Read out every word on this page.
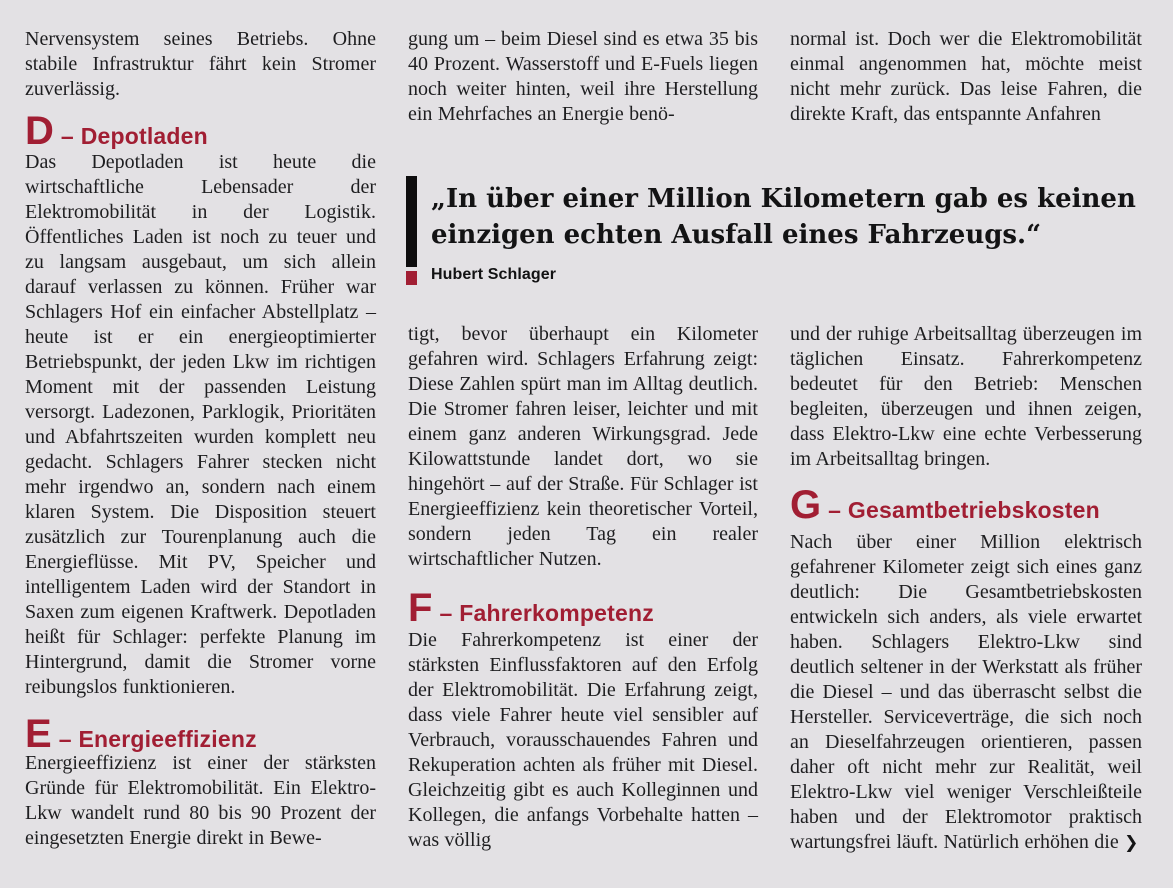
Nervensystem seines Betriebs. Ohne stabile Infrastruktur fährt kein Stromer zuverlässig.

D – Depotladen

Das Depotladen ist heute die wirtschaftliche Lebensader der Elektromobilität in der Logistik. Öffentliches Laden ist noch zu teuer und zu langsam ausgebaut, um sich allein darauf verlassen zu können. Früher war Schlagers Hof ein einfacher Abstellplatz – heute ist er ein energieoptimierter Betriebspunkt, der jeden Lkw im richtigen Moment mit der passenden Leistung versorgt. Ladezonen, Parklogik, Prioritäten und Abfahrtszeiten wurden komplett neu gedacht. Schlagers Fahrer stecken nicht mehr irgendwo an, sondern nach einem klaren System. Die Disposition steuert zusätzlich zur Tourenplanung auch die Energieflüsse. Mit PV, Speicher und intelligentem Laden wird der Standort in Saxen zum eigenen Kraftwerk. Depotladen heißt für Schlager: perfekte Planung im Hintergrund, damit die Stromer vorne reibungslos funktionieren.

E – Energieeffizienz

Energieeffizienz ist einer der stärksten Gründe für Elektromobilität. Ein Elektro-Lkw wandelt rund 80 bis 90 Prozent der eingesetzten Energie direkt in Bewe-

gung um – beim Diesel sind es etwa 35 bis 40 Prozent. Wasserstoff und E-Fuels liegen noch weiter hinten, weil ihre Herstellung ein Mehrfaches an Energie benö-

„In über einer Million Kilometern gab es keinen einzigen echten Ausfall eines Fahrzeugs.“
Hubert Schlager

tigt, bevor überhaupt ein Kilometer gefahren wird. Schlagers Erfahrung zeigt: Diese Zahlen spürt man im Alltag deutlich. Die Stromer fahren leiser, leichter und mit einem ganz anderen Wirkungsgrad. Jede Kilowattstunde landet dort, wo sie hingehört – auf der Straße. Für Schlager ist Energieeffizienz kein theoretischer Vorteil, sondern jeden Tag ein realer wirtschaftlicher Nutzen.

F – Fahrerkompetenz

Die Fahrerkompetenz ist einer der stärksten Einflussfaktoren auf den Erfolg der Elektromobilität. Die Erfahrung zeigt, dass viele Fahrer heute viel sensibler auf Verbrauch, vorausschauendes Fahren und Rekuperation achten als früher mit Diesel. Gleichzeitig gibt es auch Kolleginnen und Kollegen, die anfangs Vorbehalte hatten – was völlig

normal ist. Doch wer die Elektromobilität einmal angenommen hat, möchte meist nicht mehr zurück. Das leise Fahren, die direkte Kraft, das entspannte Anfahren

und der ruhige Arbeitsalltag überzeugen im täglichen Einsatz. Fahrerkompetenz bedeutet für den Betrieb: Menschen begleiten, überzeugen und ihnen zeigen, dass Elektro-Lkw eine echte Verbesserung im Arbeitsalltag bringen.

G – Gesamtbetriebskosten

Nach über einer Million elektrisch gefahrener Kilometer zeigt sich eines ganz deutlich: Die Gesamtbetriebskosten entwickeln sich anders, als viele erwartet haben. Schlagers Elektro-Lkw sind deutlich seltener in der Werkstatt als früher die Diesel – und das überrascht selbst die Hersteller. Serviceverträge, die sich noch an Dieselfahrzeugen orientieren, passen daher oft nicht mehr zur Realität, weil Elektro-Lkw viel weniger Verschleißteile haben und der Elektromotor praktisch wartungsfrei läuft. Natürlich erhöhen die ❯
